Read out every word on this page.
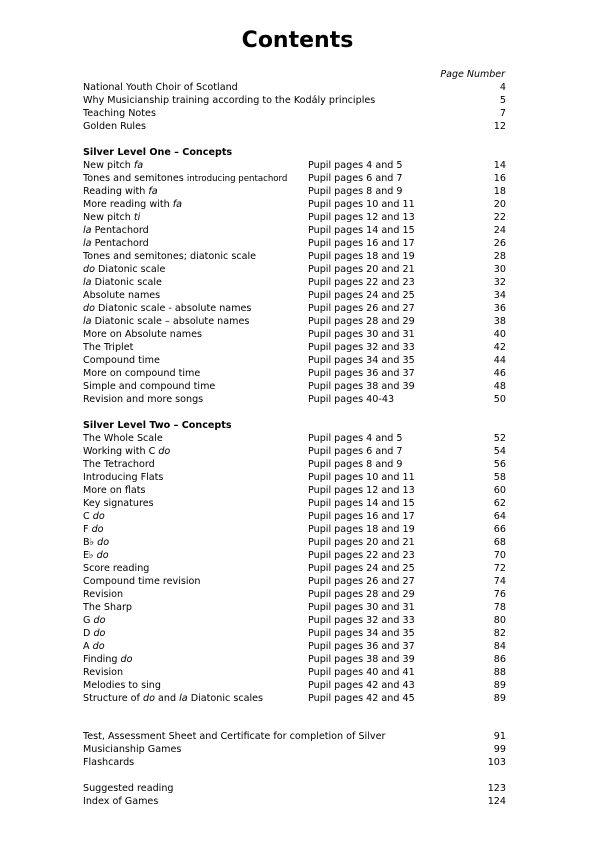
Contents
Page Number
National Youth Choir of Scotland	4
Why Musicianship training according to the Kodály principles	5
Teaching Notes	7
Golden Rules	12
Silver Level One – Concepts
New pitch fa	Pupil pages 4 and 5	14
Tones and semitones introducing pentachord Pupil pages 6 and 7	16
Reading with fa	Pupil pages 8 and 9	18
More reading with fa	Pupil pages 10 and 11	20
New pitch ti	Pupil pages 12 and 13	22
la Pentachord	Pupil pages 14 and 15	24
la Pentachord	Pupil pages 16 and 17	26
Tones and semitones; diatonic scale	Pupil pages 18 and 19	28
do Diatonic scale	Pupil pages 20 and 21	30
la Diatonic scale	Pupil pages 22 and 23	32
Absolute names	Pupil pages 24 and 25	34
do Diatonic scale - absolute names	Pupil pages 26 and 27	36
la Diatonic scale – absolute names	Pupil pages 28 and 29	38
More on Absolute names	Pupil pages 30 and 31	40
The Triplet	Pupil pages 32 and 33	42
Compound time	Pupil pages 34 and 35	44
More on compound time	Pupil pages 36 and 37	46
Simple and compound time	Pupil pages 38 and 39	48
Revision and more songs	Pupil pages 40-43	50
Silver Level Two – Concepts
The Whole Scale	Pupil pages 4 and 5	52
Working with C do	Pupil pages 6 and 7	54
The Tetrachord	Pupil pages 8 and 9	56
Introducing Flats	Pupil pages 10 and 11	58
More on flats	Pupil pages 12 and 13	60
Key signatures	Pupil pages 14 and 15	62
C do	Pupil pages 16 and 17	64
F do	Pupil pages 18 and 19	66
B♭ do	Pupil pages 20 and 21	68
E♭ do	Pupil pages 22 and 23	70
Score reading	Pupil pages 24 and 25	72
Compound time revision	Pupil pages 26 and 27	74
Revision	Pupil pages 28 and 29	76
The Sharp	Pupil pages 30 and 31	78
G do	Pupil pages 32 and 33	80
D do	Pupil pages 34 and 35	82
A do	Pupil pages 36 and 37	84
Finding do	Pupil pages 38 and 39	86
Revision	Pupil pages 40 and 41	88
Melodies to sing	Pupil pages 42 and 43	89
Structure of do and la Diatonic scales	Pupil pages 42 and 45	89
Test, Assessment Sheet and Certificate for completion of Silver	91
Musicianship Games	99
Flashcards	103
Suggested reading	123
Index of Games	124
